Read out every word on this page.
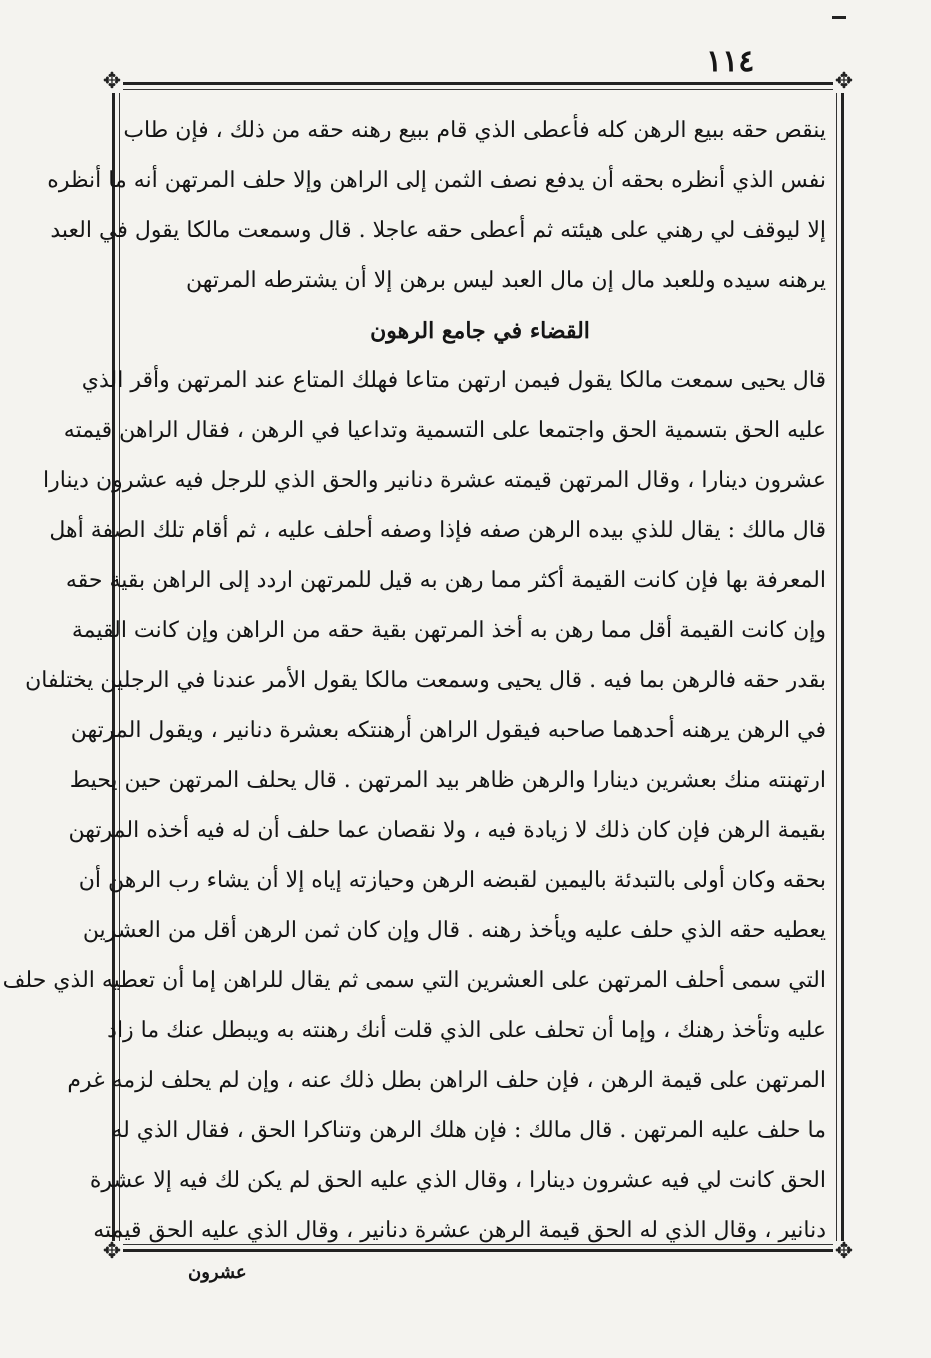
١١٤
✥	✥
✥	✥
ينقص حقه ببيع الرهن كله فأعطى الذي قام ببيع رهنه حقه من ذلك ، فإن طاب
نفس الذي أنظره بحقه أن يدفع نصف الثمن إلى الراهن وإلا حلف المرتهن أنه ما أنظره
إلا ليوقف لي رهني على هيئته ثم أعطى حقه عاجلا . قال وسمعت مالكا يقول في العبد
يرهنه سيده وللعبد مال إن مال العبد ليس برهن إلا أن يشترطه المرتهن
القضاء في جامع الرهون
قال يحيى سمعت مالكا يقول فيمن ارتهن متاعا فهلك المتاع عند المرتهن وأقر الذي
عليه الحق بتسمية الحق واجتمعا على التسمية وتداعيا في الرهن ، فقال الراهن قيمته
عشرون دينارا ، وقال المرتهن قيمته عشرة دنانير والحق الذي للرجل فيه عشرون دينارا
قال مالك : يقال للذي بيده الرهن صفه فإذا وصفه أحلف عليه ، ثم أقام تلك الصفة أهل
المعرفة بها فإن كانت القيمة أكثر مما رهن به قيل للمرتهن اردد إلى الراهن بقية حقه
وإن كانت القيمة أقل مما رهن به أخذ المرتهن بقية حقه من الراهن وإن كانت القيمة
بقدر حقه فالرهن بما فيه . قال يحيى وسمعت مالكا يقول الأمر عندنا في الرجلين يختلفان
في الرهن يرهنه أحدهما صاحبه فيقول الراهن أرهنتكه بعشرة دنانير ، ويقول المرتهن
ارتهنته منك بعشرين دينارا والرهن ظاهر بيد المرتهن . قال يحلف المرتهن حين يحيط
بقيمة الرهن فإن كان ذلك لا زيادة فيه ، ولا نقصان عما حلف أن له فيه أخذه المرتهن
بحقه وكان أولى بالتبدئة باليمين لقبضه الرهن وحيازته إياه إلا أن يشاء رب الرهن أن
يعطيه حقه الذي حلف عليه ويأخذ رهنه . قال وإن كان ثمن الرهن أقل من العشرين
التي سمى أحلف المرتهن على العشرين التي سمى ثم يقال للراهن إما أن تعطيه الذي حلف
عليه وتأخذ رهنك ، وإما أن تحلف على الذي قلت أنك رهنته به ويبطل عنك ما زاد
المرتهن على قيمة الرهن ، فإن حلف الراهن بطل ذلك عنه ، وإن لم يحلف لزمه غرم
ما حلف عليه المرتهن . قال مالك : فإن هلك الرهن وتناكرا الحق ، فقال الذي له
الحق كانت لي فيه عشرون دينارا ، وقال الذي عليه الحق لم يكن لك فيه إلا عشرة
دنانير ، وقال الذي له الحق قيمة الرهن عشرة دنانير ، وقال الذي عليه الحق قيمته
عشرون
